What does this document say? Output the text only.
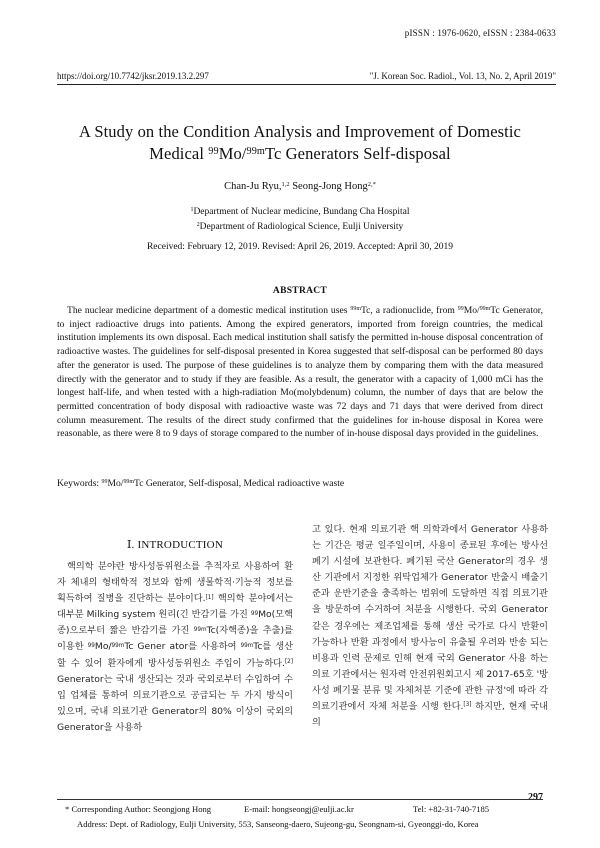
pISSN : 1976-0620, eISSN : 2384-0633
https://doi.org/10.7742/jksr.2019.13.2.297	"J. Korean Soc. Radiol., Vol. 13, No. 2, April 2019"
A Study on the Condition Analysis and Improvement of Domestic
Medical $^{99}$Mo/$^{99m}$Tc Generators Self-disposal
Chan-Ju Ryu,$^{1,2}$ Seong-Jong Hong$^{2,*}$
$^1$Department of Nuclear medicine, Bundang Cha Hospital
$^2$Department of Radiological Science, Eulji University
Received: February 12, 2019. Revised: April 26, 2019. Accepted: April 30, 2019
ABSTRACT

The nuclear medicine department of a domestic medical institution uses $^{99m}$Tc, a radionuclide, from $^{99}$Mo/$^{99m}$Tc Generator, to inject radioactive drugs into patients. Among the expired generators, imported from foreign countries, the medical institution implements its own disposal. Each medical institution shall satisfy the permitted in-house disposal concentration of radioactive wastes. The guidelines for self-disposal presented in Korea suggested that self-disposal can be performed 80 days after the generator is used. The purpose of these guidelines is to analyze them by comparing them with the data measured directly with the generator and to study if they are feasible. As a result, the generator with a capacity of 1,000 mCi has the longest half-life, and when tested with a high-radiation Mo(molybdenum) column, the number of days that are below the permitted concentration of body disposal with radioactive waste was 72 days and 71 days that were derived from direct column measurement. The results of the direct study confirmed that the guidelines for in-house disposal in Korea were reasonable, as there were 8 to 9 days of storage compared to the number of in-house disposal days provided in the guidelines.

Keywords: $^{99}$Mo/$^{99m}$Tc Generator, Self-disposal, Medical radioactive waste
Ⅰ. INTRODUCTION

핵의학 분야란 방사성동위원소를 추적자로 사용하여 환자 체내의 형태학적 정보와 함께 생물학적·기능적 정보를 획득하여 질병을 진단하는 분야이다.[1] 핵의학 분야에서는 대부분 Milking system 원리(긴 반감기를 가진 $^{99}$Mo(모핵종)으로부터 짧은 반감기를 가진 $^{99m}$Tc(자핵종)을 추출)를 이용한 $^{99}$Mo/$^{99m}$Tc Gener ator를 사용하여 $^{99m}$Tc를 생산할 수 있어 환자에게 방사성동위원소 주입이 가능하다.[2] Generator는 국내 생산되는 것과 국외로부터 수입하여 수입 업체를 통하여 의료기관으로 공급되는 두 가지 방식이 있으며, 국내 의료기관 Generator의 80% 이상이 국외의 Generator을 사용하

고 있다. 현재 의료기관 핵 의학과에서 Generator 사용하는 기간은 평균 일주일이며, 사용이 종료된 후에는 방사선 폐기 시설에 보관한다. 폐기된 국산 Generator의 경우 생산 기관에서 지정한 위탁업체가 Generator 반출시 배출기준과 운반기준을 충족하는 범위에 도달하면 직접 의료기관을 방문하여 수거하여 처분을 시행한다. 국외 Generator 같은 경우에는 제조업체를 통해 생산 국가로 다시 반환이 가능하나 반환 과정에서 방사능이 유출될 우려와 반송 되는 비용과 인력 문제로 인해 현재 국외 Generator 사용 하는 의료 기관에서는 원자력 안전위원회고시 제 2017-65호 '방사성 폐기물 분류 및 자체처분 기준에 관한 규정'에 따라 각 의료기관에서 자체 처분을 시행 한다.[3] 하지만, 현재 국내의

297
* Corresponding Author: Seongjong Hong	E-mail: hongseongj@eulji.ac.kr	Tel: +82-31-740-7185
Address: Dept. of Radiology, Eulji University, 553, Sanseong-daero, Sujeong-gu, Seongnam-si, Gyeonggi-do, Korea
